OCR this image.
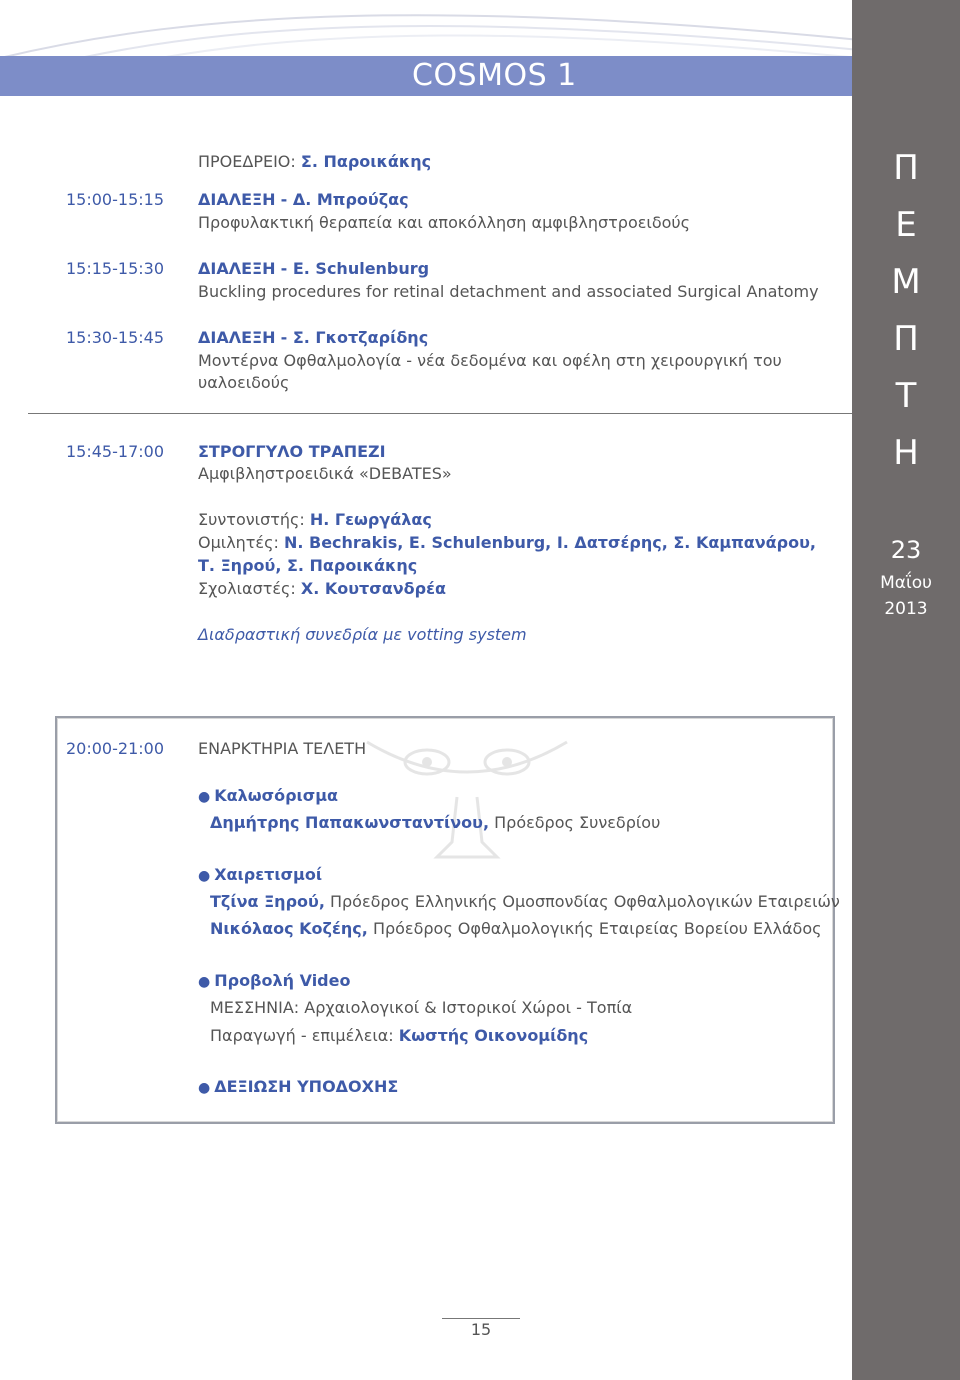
COSMOS 1
Π
Ε
Μ
Π
Τ
Η
23
Μαΐου
2013
ΠΡΟΕΔΡΕΙΟ: Σ. Παροικάκης
15:00-15:15 ΔΙΑΛΕΞΗ - Δ. Μπρούζας
Προφυλακτική θεραπεία και αποκόλληση αμφιβληστροειδούς
15:15-15:30 ΔΙΑΛΕΞΗ - Ε. Schulenburg
Buckling procedures for retinal detachment and associated Surgical Anatomy
15:30-15:45 ΔΙΑΛΕΞΗ - Σ. Γκοτζαρίδης
Μοντέρνα Οφθαλμολογία - νέα δεδομένα και οφέλη στη χειρουργική του
υαλοειδούς
15:45-17:00 ΣΤΡΟΓΓΥΛΟ ΤΡΑΠΕΖΙ
Αμφιβληστροειδικά «DEBATES»
Συντονιστής: Η. Γεωργάλας
Ομιλητές: Ν. Bechrakis, E. Schulenburg, Ι. Δατσέρης, Σ. Καμπανάρου,
Τ. Ξηρού, Σ. Παροικάκης
Σχολιαστές: Χ. Κουτσανδρέα
Διαδραστική συνεδρία με votting system
20:00-21:00 ΕΝΑΡΚΤΗΡΙΑ ΤΕΛΕΤΗ
● Καλωσόρισμα
Δημήτρης Παπακωνσταντίνου, Πρόεδρος Συνεδρίου
● Χαιρετισμοί
Τζίνα Ξηρού, Πρόεδρος Ελληνικής Ομοσπονδίας Οφθαλμολογικών Εταιρειών
Νικόλαος Κοζέης, Πρόεδρος Οφθαλμολογικής Εταιρείας Βορείου Ελλάδος
● Προβολή Video
ΜΕΣΣΗΝΙΑ: Αρχαιολογικοί & Ιστορικοί Χώροι - Τοπία
Παραγωγή - επιμέλεια: Κωστής Οικονομίδης
● ΔΕΞΙΩΣΗ ΥΠΟΔΟΧΗΣ
15
